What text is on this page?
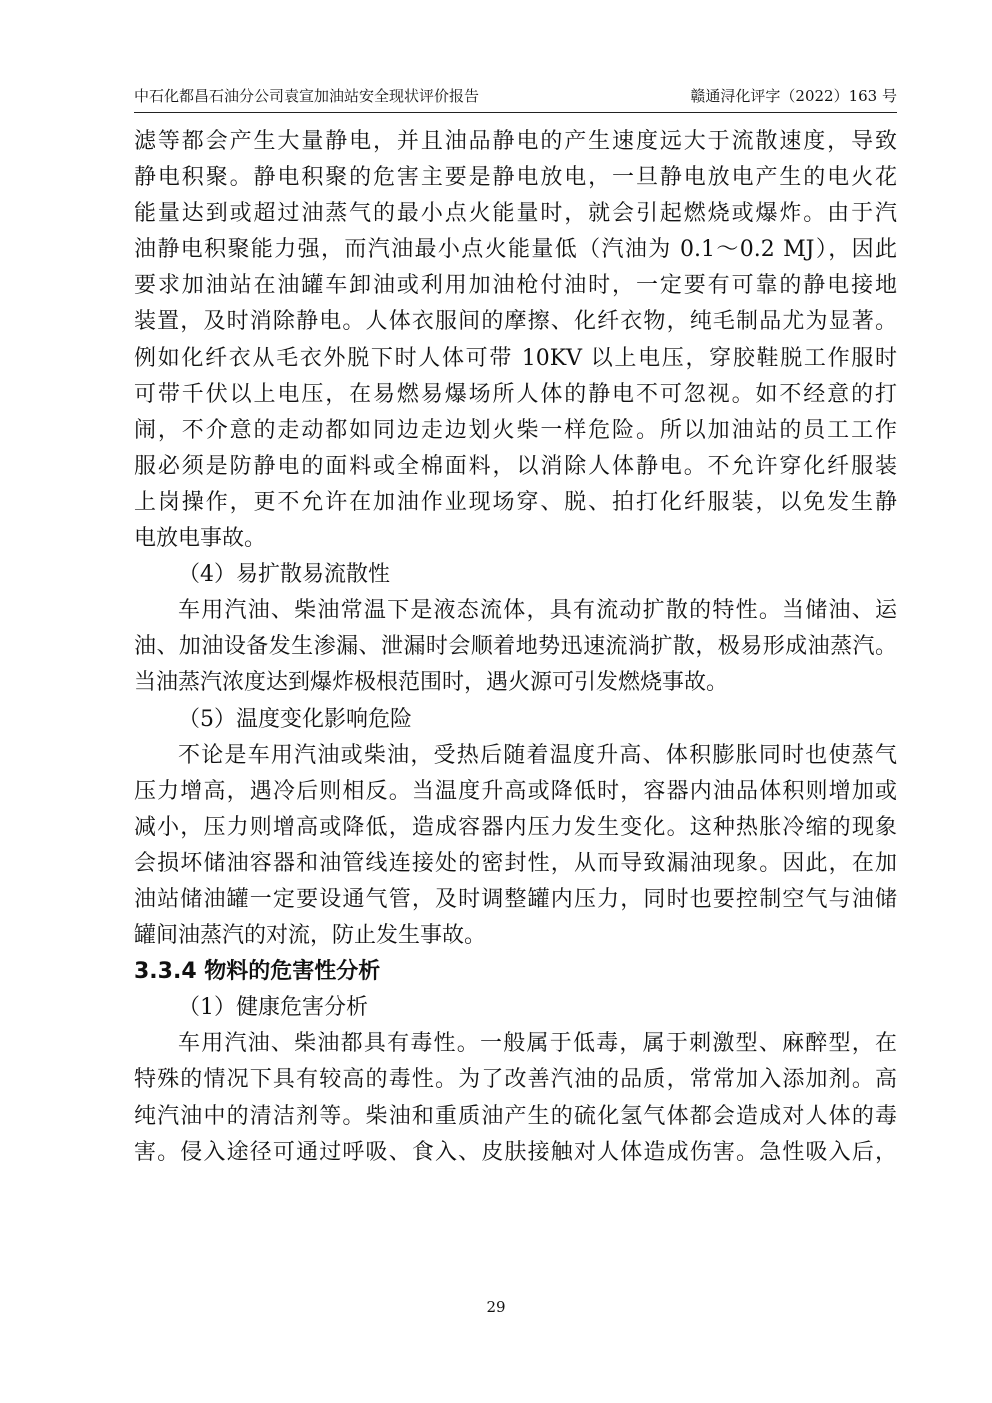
中石化都昌石油分公司袁宣加油站安全现状评价报告	赣通浔化评字（2022）163 号
滤等都会产生大量静电，并且油品静电的产生速度远大于流散速度，导致
静电积聚。静电积聚的危害主要是静电放电，一旦静电放电产生的电火花
能量达到或超过油蒸气的最小点火能量时，就会引起燃烧或爆炸。由于汽
油静电积聚能力强，而汽油最小点火能量低（汽油为 0.1～0.2 MJ），因此
要求加油站在油罐车卸油或利用加油枪付油时，一定要有可靠的静电接地
装置，及时消除静电。人体衣服间的摩擦、化纤衣物，纯毛制品尤为显著。
例如化纤衣从毛衣外脱下时人体可带 10KV 以上电压，穿胶鞋脱工作服时
可带千伏以上电压，在易燃易爆场所人体的静电不可忽视。如不经意的打
闹，不介意的走动都如同边走边划火柴一样危险。所以加油站的员工工作
服必须是防静电的面料或全棉面料，以消除人体静电。不允许穿化纤服装
上岗操作，更不允许在加油作业现场穿、脱、拍打化纤服装，以免发生静
电放电事故。
（4）易扩散易流散性
车用汽油、柴油常温下是液态流体，具有流动扩散的特性。当储油、运
油、加油设备发生渗漏、泄漏时会顺着地势迅速流淌扩散，极易形成油蒸汽。
当油蒸汽浓度达到爆炸极根范围时，遇火源可引发燃烧事故。
（5）温度变化影响危险
不论是车用汽油或柴油，受热后随着温度升高、体积膨胀同时也使蒸气
压力增高，遇冷后则相反。当温度升高或降低时，容器内油品体积则增加或
减小，压力则增高或降低，造成容器内压力发生变化。这种热胀冷缩的现象
会损坏储油容器和油管线连接处的密封性，从而导致漏油现象。因此，在加
油站储油罐一定要设通气管，及时调整罐内压力，同时也要控制空气与油储
罐间油蒸汽的对流，防止发生事故。
3.3.4 物料的危害性分析
（1）健康危害分析
车用汽油、柴油都具有毒性。一般属于低毒，属于刺激型、麻醉型，在
特殊的情况下具有较高的毒性。为了改善汽油的品质，常常加入添加剂。高
纯汽油中的清洁剂等。柴油和重质油产生的硫化氢气体都会造成对人体的毒
害。侵入途径可通过呼吸、食入、皮肤接触对人体造成伤害。急性吸入后，
29
